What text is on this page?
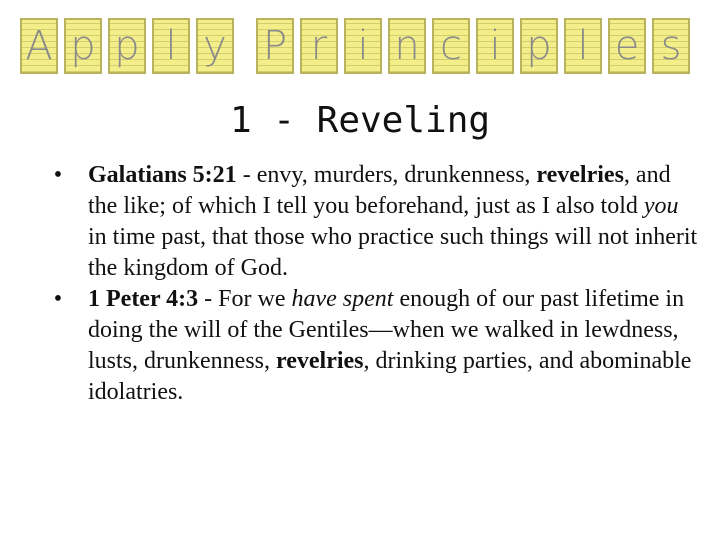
A p p l y P r i n c i p l e s
1 - Reveling
•	Galatians 5:21 - envy, murders, drunkenness, revelries, and the like; of which I tell you beforehand, just as I also told you in time past, that those who practice such things will not inherit the kingdom of God.
•	1 Peter 4:3 - For we have spent enough of our past lifetime in doing the will of the Gentiles—when we walked in lewdness, lusts, drunkenness, revelries, drinking parties, and abominable idolatries.
